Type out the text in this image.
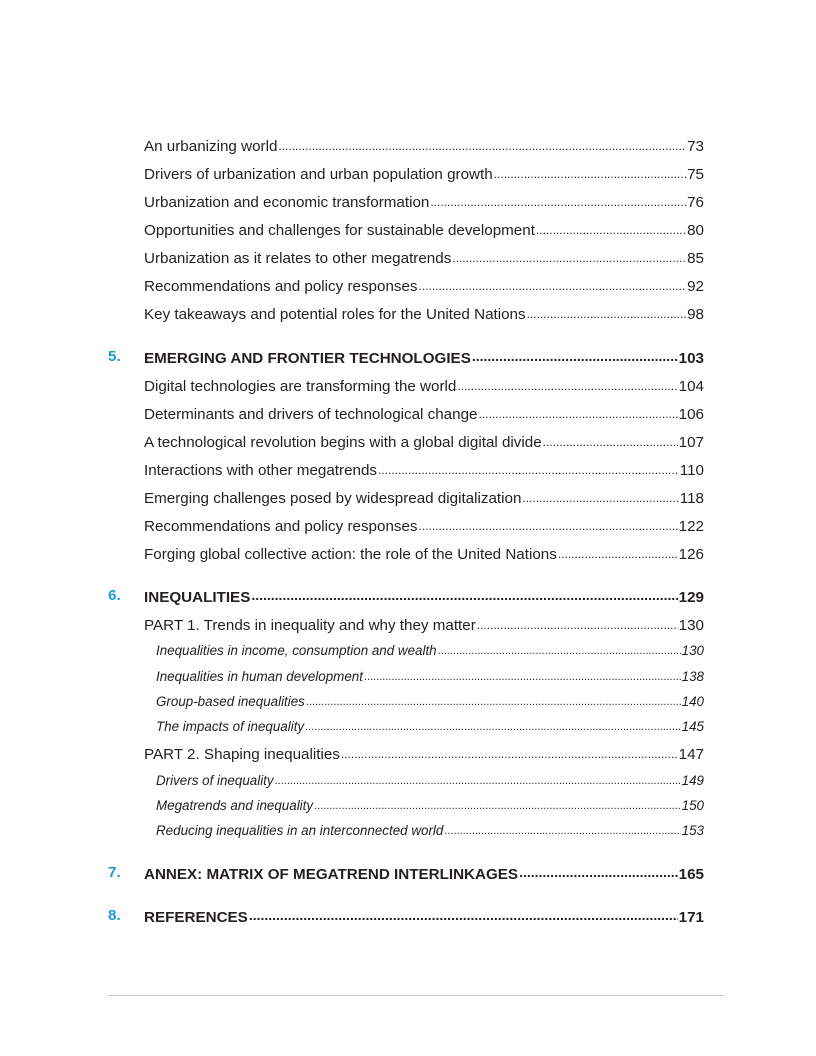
An urbanizing world .....	73
Drivers of urbanization and urban population growth .....	75
Urbanization and economic transformation .....	76
Opportunities and challenges for sustainable development .....	80
Urbanization as it relates to other megatrends .....	85
Recommendations and policy responses .....	92
Key takeaways and potential roles for the United Nations .....	98
5. EMERGING AND FRONTIER TECHNOLOGIES .....	103
Digital technologies are transforming the world .....	104
Determinants and drivers of technological change .....	106
A technological revolution begins with a global digital divide .....	107
Interactions with other megatrends .....	110
Emerging challenges posed by widespread digitalization .....	118
Recommendations and policy responses .....	122
Forging global collective action: the role of the United Nations .....	126
6. INEQUALITIES .....	129
PART 1. Trends in inequality and why they matter .....	130
Inequalities in income, consumption and wealth .....	130
Inequalities in human development .....	138
Group-based inequalities .....	140
The impacts of inequality .....	145
PART 2. Shaping inequalities .....	147
Drivers of inequality .....	149
Megatrends and inequality .....	150
Reducing inequalities in an interconnected world .....	153
7. ANNEX: MATRIX OF MEGATREND INTERLINKAGES .....	165
8. REFERENCES .....	171
